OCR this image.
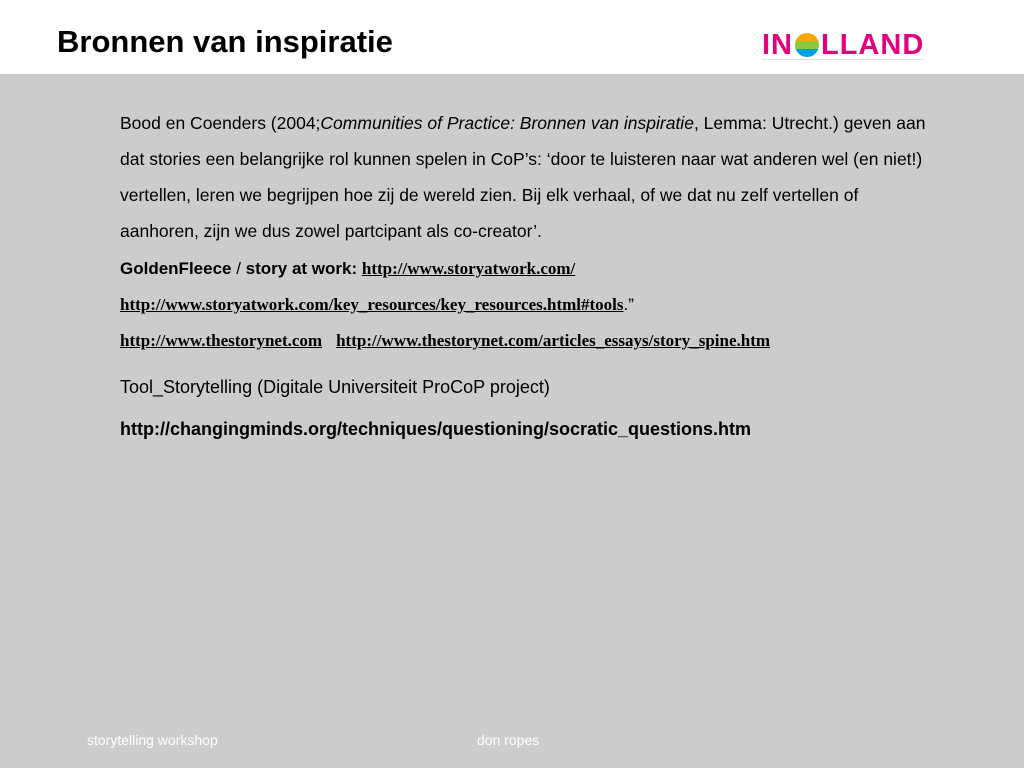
Bronnen van inspiratie	IN LLAND

Bood en Coenders (2004;Communities of Practice: Bronnen van inspiratie, Lemma: Utrecht.) geven aan dat stories een belangrijke rol kunnen spelen in CoP’s: ‘door te luisteren naar wat anderen wel (en niet!) vertellen, leren we begrijpen hoe zij de wereld zien. Bij elk verhaal, of we dat nu zelf vertellen of aanhoren, zijn we dus zowel partcipant als co-creator’.

GoldenFleece / story at work: http://www.storyatwork.com/
http://www.storyatwork.com/key_resources/key_resources.html#tools.”
http://www.thestorynet.com http://www.thestorynet.com/articles_essays/story_spine.htm
Tool_Storytelling (Digitale Universiteit ProCoP project)
http://changingminds.org/techniques/questioning/socratic_questions.htm
storytelling workshop	don ropes
